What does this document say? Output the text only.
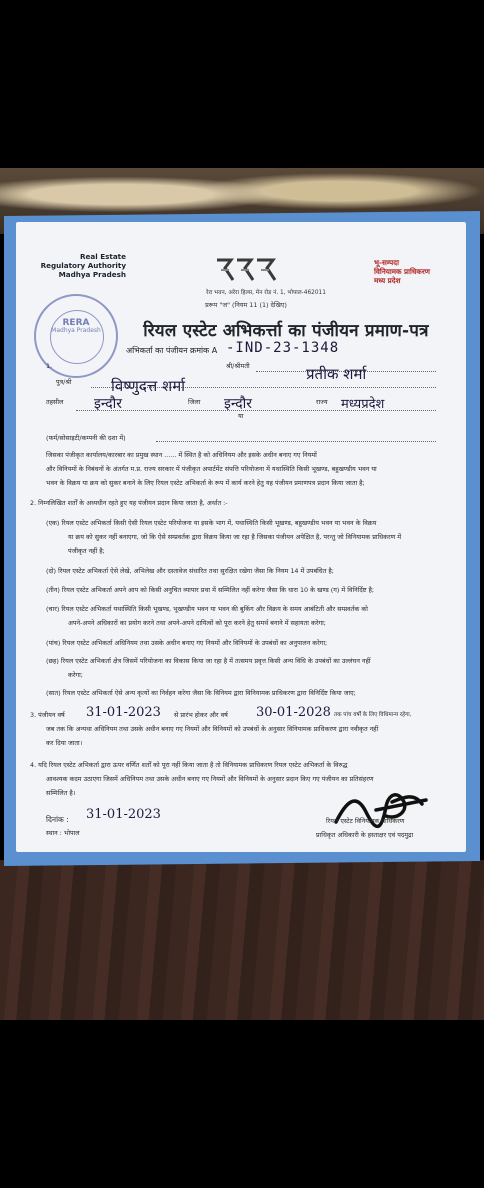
Real Estate
Regulatory Authority
Madhya Pradesh
भू-सम्पदा
विनियामक प्राधिकरण
मध्य प्रदेश
रेरा भवन, अरेरा हिल्स, मेन रोड नं. 1, भोपाल-462011
प्ररूप "ज" (नियम 11 (1) देखिए)
RERA
Madhya Pradesh	रियल एस्टेट अभिकर्त्ता का पंजीयन प्रमाण-पत्र
अभिकर्ता का पंजीयन क्रमांक A -IND-23-1348
1.	श्री/श्रीमती	प्रतीक शर्मा
पुत्र/श्री	विष्णुदत्त शर्मा
तहसील इन्दौर	जिला इन्दौर
या
राज्य मध्यप्रदेश
(फर्म/सोसाइटी/कम्पनी की दशा में)
जिसका पंजीकृत कार्यालय/कारबार का प्रमुख स्थान ...... में स्थित है को अधिनियम और इसके अधीन बनाए गए नियमों
और विनियमों के निबंधनों के अंतर्गत म.प्र. राज्य सरकार में पंजीकृत अपार्टमेंट संपत्ति परियोजना में यथास्थिति किसी भूखण्ड, बहुखण्डीय भवन या
भवन के विक्रय या क्रय को सुकर बनाने के लिए रियल एस्टेट अभिकर्ता के रूप में कार्य करने हेतु यह पंजीयन प्रमाणपत्र प्रदान किया जाता है;
2. निम्नलिखित शर्तों के अध्यधीन रहते हुए यह पंजीयन प्रदान किया जाता है, अर्थात :-
(एक) रियल एस्टेट अभिकर्ता किसी ऐसी रियल एस्टेट परियोजना या इसके भाग में, यथास्थिति किसी भूखण्ड, बहुखण्डीय भवन या भवन के विक्रय
या क्रय को सुकर नहीं बनाएगा, जो कि ऐसे सम्प्रवर्तक द्वारा विक्रय किया जा रहा है जिसका पंजीयन अपेक्षित है, परन्तु जो विनियामक प्राधिकरण में
पंजीकृत नहीं है;
(दो) रियल एस्टेट अभिकर्ता ऐसे लेखे, अभिलेख और दस्तावेज संधारित तथा सुरक्षित रखेगा जैसा कि नियम 14 में उपबंधित है;
(तीन) रियल एस्टेट अभिकर्ता अपने आप को किसी अनुचित व्यापार प्रथा में सम्मिलित नहीं करेगा जैसा कि धारा 10 के खण्ड (ग) में विनिर्दिष्ट है;
(चार) रियल एस्टेट अभिकर्ता यथास्थिति किसी भूखण्ड, भूखण्डीय भवन या भवन की बुकिंग और विक्रय के समय आबंटिती और सम्प्रवर्तक को
अपने-अपने अधिकारों का प्रयोग करने तथा अपने-अपने दायित्वों को पूरा करने हेतु समर्थ बनाने में सहायता करेगा;
(पांच) रियल एस्टेट अभिकर्ता अधिनियम तथा उसके अधीन बनाए गए नियमों और विनियमों के उपबंधों का अनुपालन करेगा;
(छह) रियल एस्टेट अभिकर्ता क्षेत्र जिसमें परियोजना का विकास किया जा रहा है में तत्समय प्रवृत्त किसी अन्य विधि के उपबंधों का उल्लंघन नहीं
करेगा;
(सात) रियल एस्टेट अभिकर्ता ऐसे अन्य कृत्यों का निर्वहन करेगा जैसा कि विनियम द्वारा विनियामक प्राधिकरण द्वारा विनिर्दिष्ट किया जाए;
3. पंजीयन वर्ष 31-01-2023 से प्रारंभ होकर और वर्ष 30-01-2028 तक पांच वर्षों के लिए विधिमान्य रहेगा,
जब तक कि अन्यथा अधिनियम तथा उसके अधीन बनाए गए नियमों और विनियमों को उपबंधों के अनुसार विनियामक प्राधिकरण द्वारा नवीकृत नहीं
कर दिया जाता।
4. यदि रियल एस्टेट अभिकर्ता द्वारा ऊपर वर्णित शर्तों को पूरा नहीं किया जाता है तो विनियामक प्राधिकरण रियल एस्टेट अभिकर्ता के विरुद्ध
आवश्यक कदम उठाएगा जिसमें अधिनियम तथा उसके अधीन बनाए गए नियमों और विनियमों के अनुसार प्रदान किए गए पंजीयन का प्रतिसंहरण
सम्मिलित है।
दिनांक : 31-01-2023
स्थान : भोपाल
रियल एस्टेट विनियामक प्राधिकरण
प्राधिकृत अधिकारी के हस्ताक्षर एवं पदमुद्रा
